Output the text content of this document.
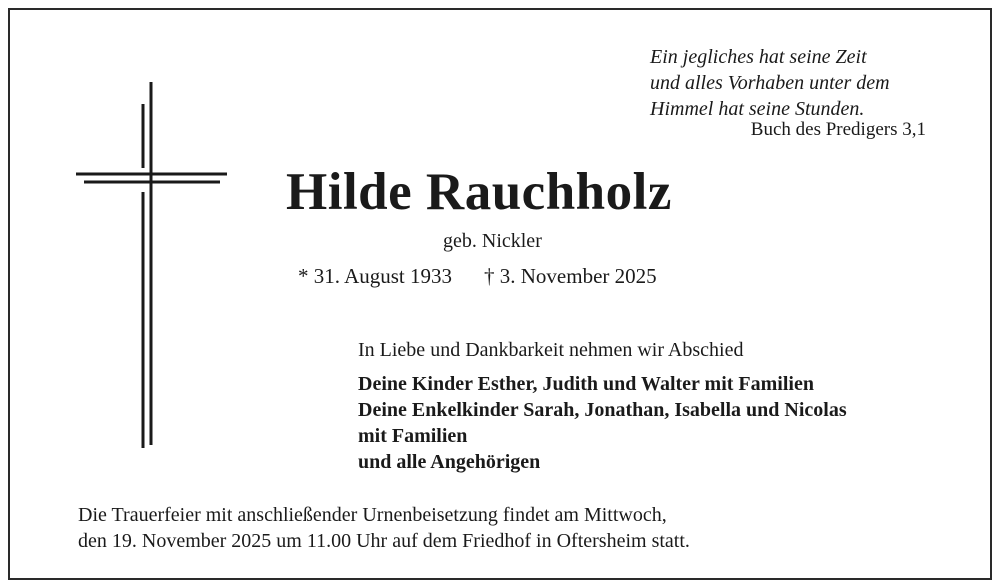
Ein jegliches hat seine Zeit
und alles Vorhaben unter dem
Himmel hat seine Stunden.
Buch des Predigers 3,1
Hilde Rauchholz
geb. Nickler
* 31. August 1933 † 3. November 2025
In Liebe und Dankbarkeit nehmen wir Abschied
Deine Kinder Esther, Judith und Walter mit Familien
Deine Enkelkinder Sarah, Jonathan, Isabella und Nicolas
mit Familien
und alle Angehörigen
Die Trauerfeier mit anschließender Urnenbeisetzung findet am Mittwoch,
den 19. November 2025 um 11.00 Uhr auf dem Friedhof in Oftersheim statt.
